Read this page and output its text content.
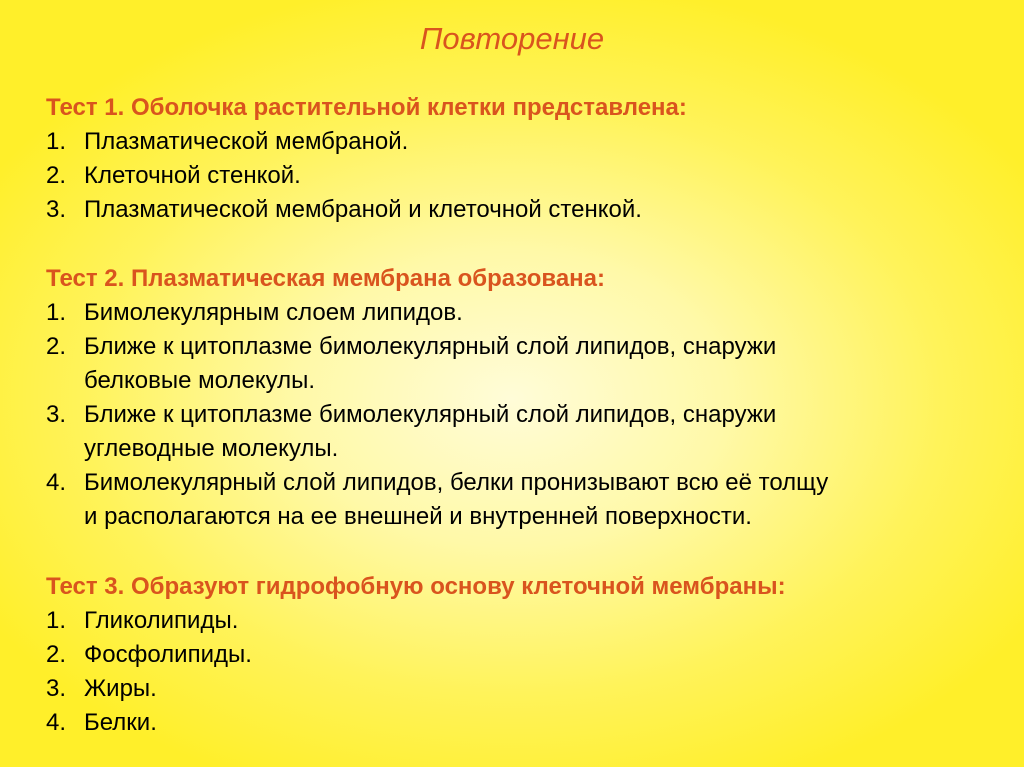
Повторение
Тест 1. Оболочка растительной клетки представлена:
1. Плазматической мембраной.
2. Клеточной стенкой.
3. Плазматической мембраной и клеточной стенкой.
Тест 2. Плазматическая мембрана образована:
1. Бимолекулярным слоем липидов.
2. Ближе к цитоплазме бимолекулярный слой липидов, снаружи
белковые молекулы.
3. Ближе к цитоплазме бимолекулярный слой липидов, снаружи
углеводные молекулы.
4. Бимолекулярный слой липидов, белки пронизывают всю её толщу
и располагаются на ее внешней и внутренней поверхности.
Тест 3. Образуют гидрофобную основу клеточной мембраны:
1. Гликолипиды.
2. Фосфолипиды.
3. Жиры.
4. Белки.
